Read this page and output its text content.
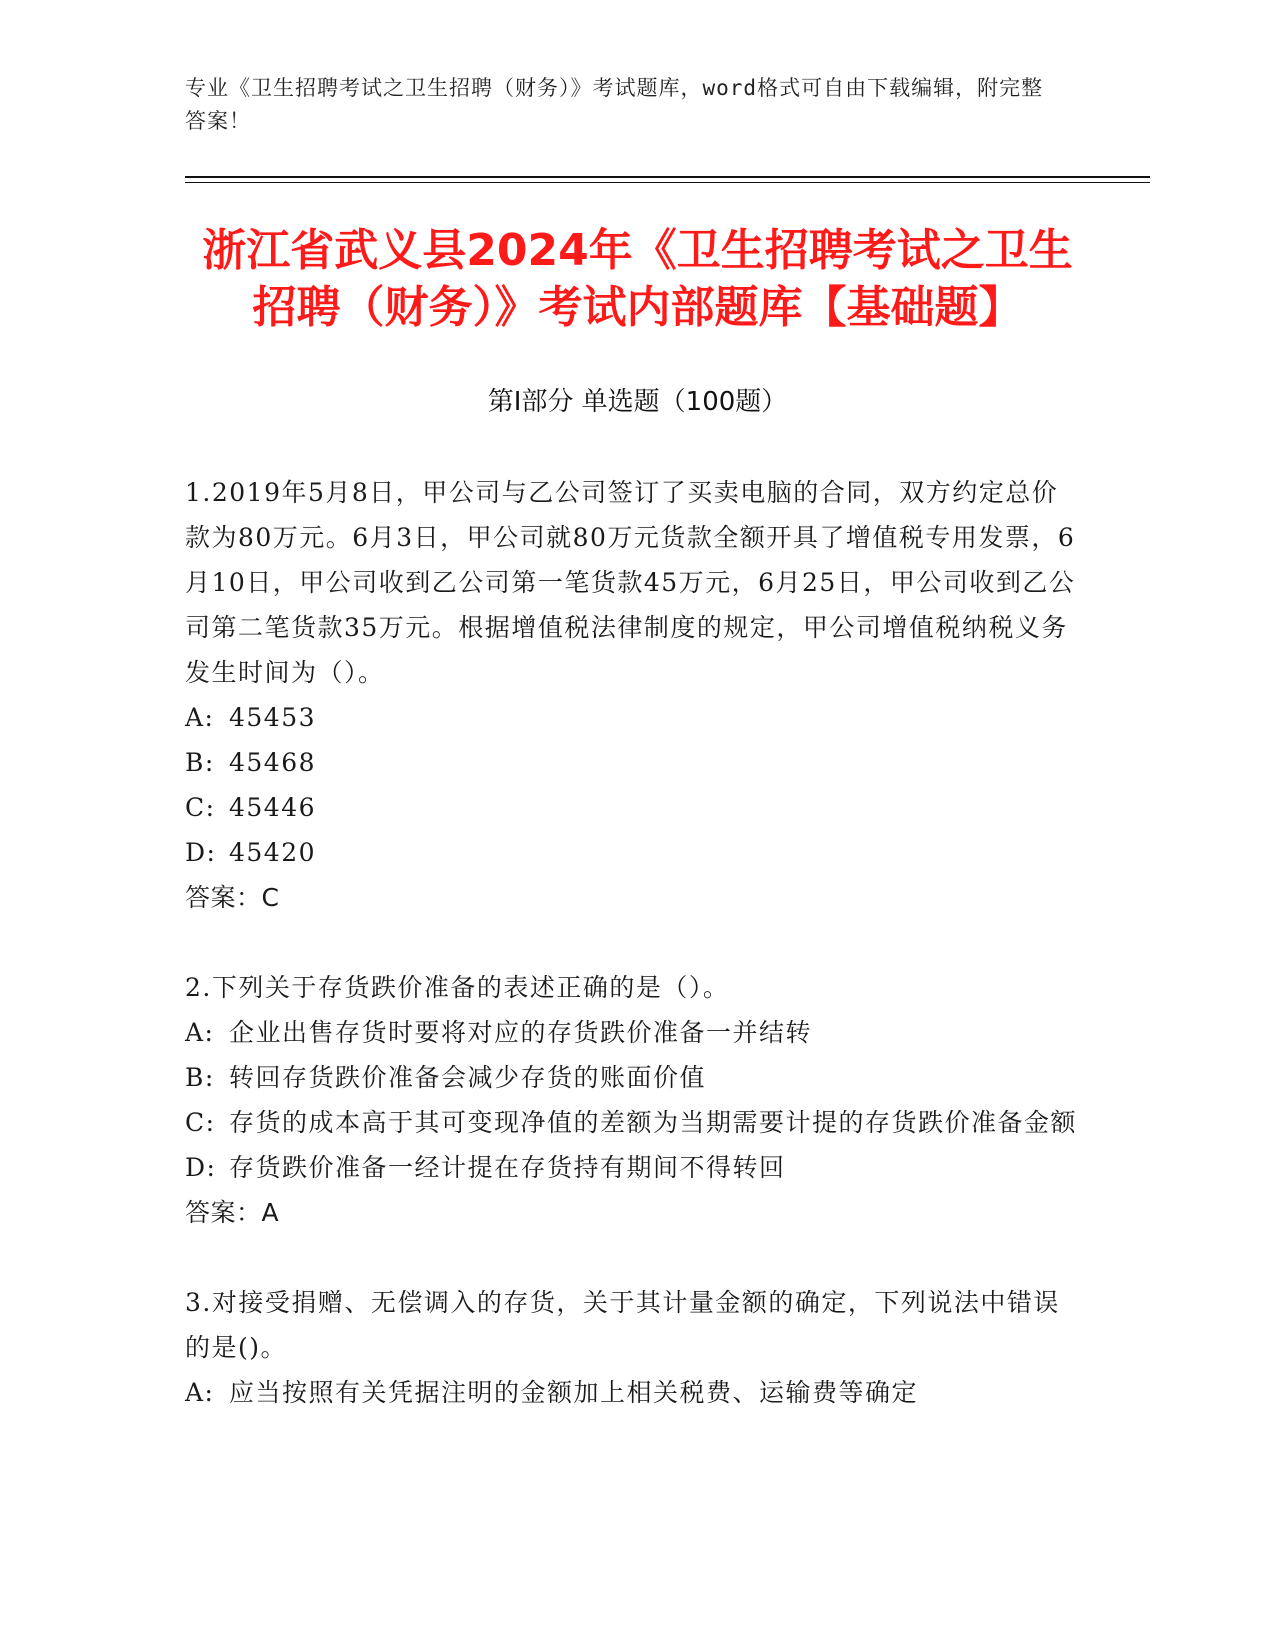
专业《卫生招聘考试之卫生招聘（财务）》考试题库，word格式可自由下载编辑，附完整答案！
浙江省武义县2024年《卫生招聘考试之卫生招聘（财务）》考试内部题库【基础题】
第Ⅰ部分 单选题（100题）
1.2019年5月8日，甲公司与乙公司签订了买卖电脑的合同，双方约定总价款为80万元。6月3日，甲公司就80万元货款全额开具了增值税专用发票，6月10日，甲公司收到乙公司第一笔货款45万元，6月25日，甲公司收到乙公司第二笔货款35万元。根据增值税法律制度的规定，甲公司增值税纳税义务发生时间为（）。
A: 45453
B: 45468
C: 45446
D: 45420
答案：C
2.下列关于存货跌价准备的表述正确的是（）。
A: 企业出售存货时要将对应的存货跌价准备一并结转
B: 转回存货跌价准备会减少存货的账面价值
C: 存货的成本高于其可变现净值的差额为当期需要计提的存货跌价准备金额
D: 存货跌价准备一经计提在存货持有期间不得转回
答案：A
3.对接受捐赠、无偿调入的存货，关于其计量金额的确定，下列说法中错误的是()。
A: 应当按照有关凭据注明的金额加上相关税费、运输费等确定
